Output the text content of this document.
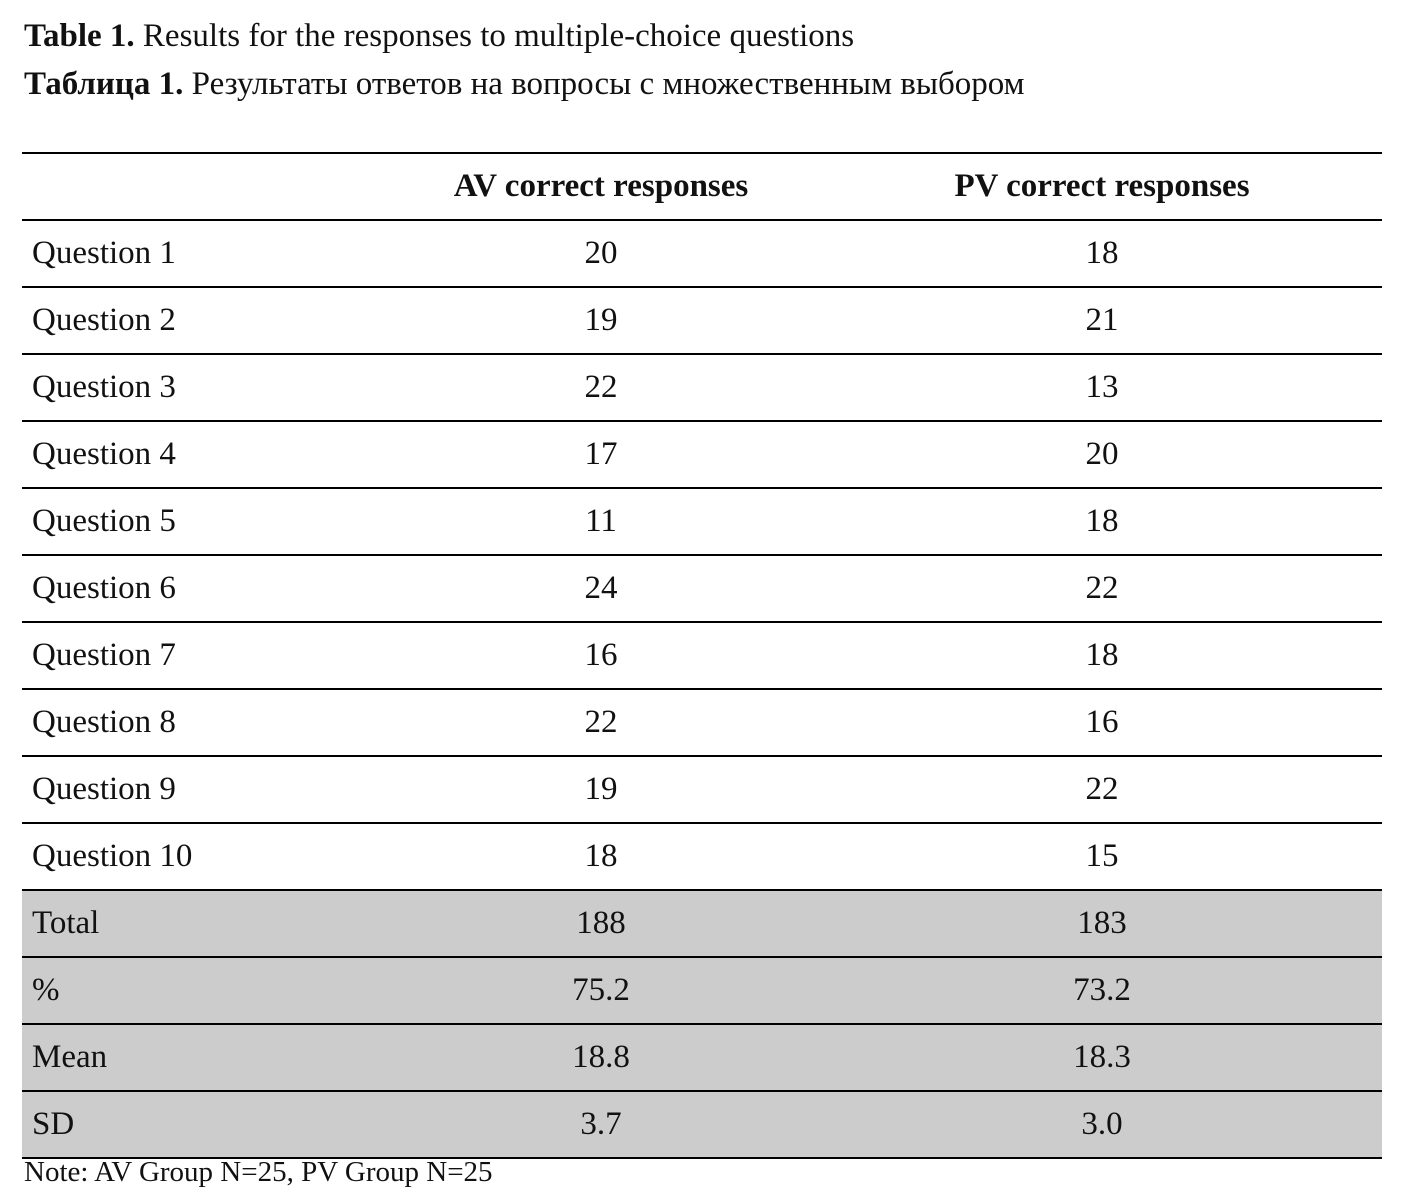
Table 1. Results for the responses to multiple-choice questions
Таблица 1. Результаты ответов на вопросы с множественным выбором
	AV correct responses	PV correct responses
Question 1	20	18
Question 2	19	21
Question 3	22	13
Question 4	17	20
Question 5	11	18
Question 6	24	22
Question 7	16	18
Question 8	22	16
Question 9	19	22
Question 10	18	15
Total	188	183
%	75.2	73.2
Mean	18.8	18.3
SD	3.7	3.0
Note: AV Group N=25, PV Group N=25
